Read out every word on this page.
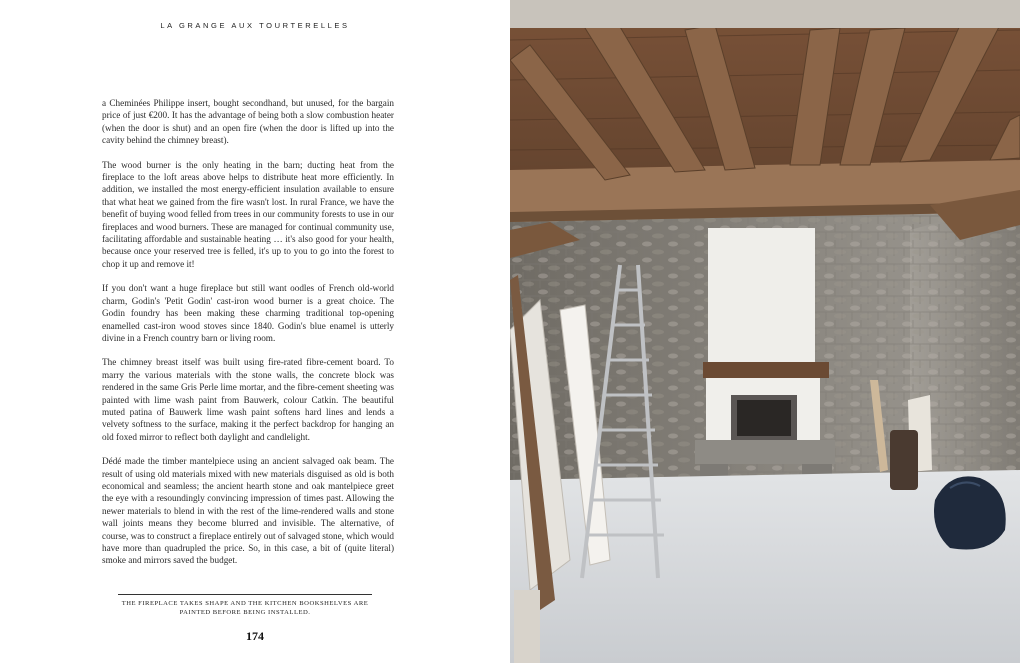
LA GRANGE AUX TOURTERELLES

a Cheminées Philippe insert, bought secondhand, but unused, for the bargain price of just €200. It has the advantage of being both a slow combustion heater (when the door is shut) and an open fire (when the door is lifted up into the cavity behind the chimney breast).

The wood burner is the only heating in the barn; ducting heat from the fireplace to the loft areas above helps to distribute heat more efficiently. In addition, we installed the most energy-efficient insulation available to ensure that what heat we gained from the fire wasn't lost. In rural France, we have the benefit of buying wood felled from trees in our community forests to use in our fireplaces and wood burners. These are managed for continual community use, facilitating affordable and sustainable heating … it's also good for your health, because once your reserved tree is felled, it's up to you to go into the forest to chop it up and remove it!

If you don't want a huge fireplace but still want oodles of French old-world charm, Godin's 'Petit Godin' cast-iron wood burner is a great choice. The Godin foundry has been making these charming traditional top-opening enamelled cast-iron wood stoves since 1840. Godin's blue enamel is utterly divine in a French country barn or living room.

The chimney breast itself was built using fire-rated fibre-cement board. To marry the various materials with the stone walls, the concrete block was rendered in the same Gris Perle lime mortar, and the fibre-cement sheeting was painted with lime wash paint from Bauwerk, colour Catkin. The beautiful muted patina of Bauwerk lime wash paint softens hard lines and lends a velvety softness to the surface, making it the perfect backdrop for hanging an old foxed mirror to reflect both daylight and candlelight.

Dédé made the timber mantelpiece using an ancient salvaged oak beam. The result of using old materials mixed with new materials disguised as old is both economical and seamless; the ancient hearth stone and oak mantelpiece greet the eye with a resoundingly convincing impression of times past. Allowing the newer materials to blend in with the rest of the lime-rendered walls and stone wall joints means they become blurred and invisible. The alternative, of course, was to construct a fireplace entirely out of salvaged stone, which would have more than quadrupled the price. So, in this case, a bit of (quite literal) smoke and mirrors saved the budget.

THE FIREPLACE TAKES SHAPE AND THE KITCHEN BOOKSHELVES ARE PAINTED BEFORE BEING INSTALLED.
174
